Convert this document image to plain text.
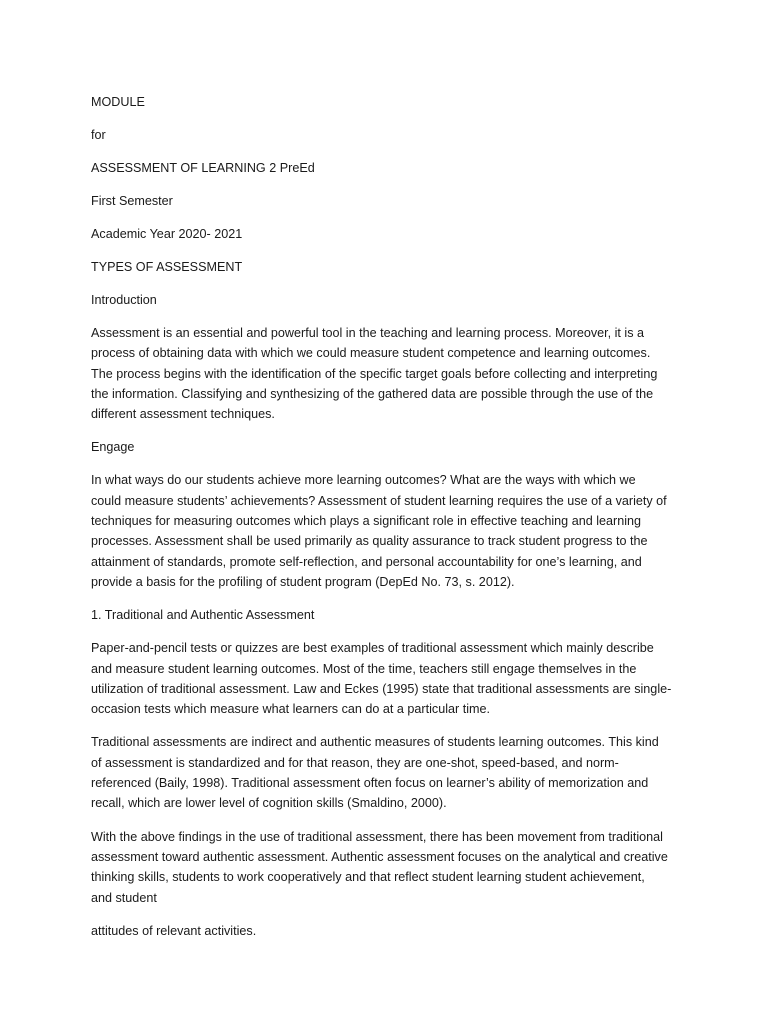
MODULE

for

ASSESSMENT OF LEARNING 2 PreEd

First Semester

Academic Year 2020- 2021

TYPES OF ASSESSMENT

Introduction

Assessment is an essential and powerful tool in the teaching and learning process. Moreover, it is a
process of obtaining data with which we could measure student competence and learning outcomes.
The process begins with the identification of the specific target goals before collecting and interpreting
the information. Classifying and synthesizing of the gathered data are possible through the use of the
different assessment techniques.

Engage

In what ways do our students achieve more learning outcomes? What are the ways with which we
could measure students’ achievements? Assessment of student learning requires the use of a variety of
techniques for measuring outcomes which plays a significant role in effective teaching and learning
processes. Assessment shall be used primarily as quality assurance to track student progress to the
attainment of standards, promote self-reflection, and personal accountability for one’s learning, and
provide a basis for the profiling of student program (DepEd No. 73, s. 2012).

1. Traditional and Authentic Assessment

Paper-and-pencil tests or quizzes are best examples of traditional assessment which mainly describe
and measure student learning outcomes. Most of the time, teachers still engage themselves in the
utilization of traditional assessment. Law and Eckes (1995) state that traditional assessments are single-
occasion tests which measure what learners can do at a particular time.
Traditional assessments are indirect and authentic measures of students learning outcomes. This kind
of assessment is standardized and for that reason, they are one-shot, speed-based, and norm-
referenced (Baily, 1998). Traditional assessment often focus on learner’s ability of memorization and
recall, which are lower level of cognition skills (Smaldino, 2000).
With the above findings in the use of traditional assessment, there has been movement from traditional
assessment toward authentic assessment. Authentic assessment focuses on the analytical and creative
thinking skills, students to work cooperatively and that reflect student learning student achievement,
and student
attitudes of relevant activities.
